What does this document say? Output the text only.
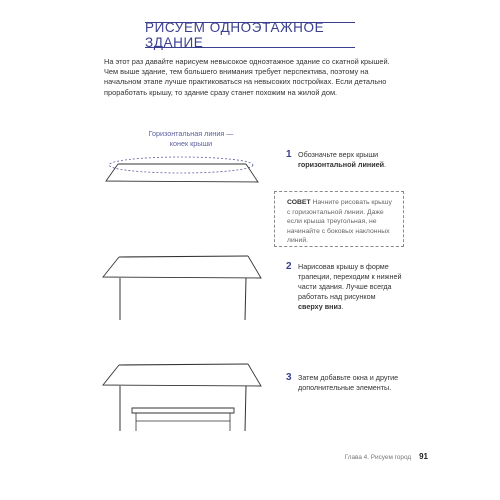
РИСУЕМ ОДНОЭТАЖНОЕ ЗДАНИЕ

На этот раз давайте нарисуем невысокое одноэтажное здание со скатной крышей. Чем выше здание, тем большего внимания требует перспектива, поэтому на начальном этапе лучше практиковаться на невысоких постройках. Если детально проработать крышу, то здание сразу станет похожим на жилой дом.

Горизонтальная линия —
конек крыши
1 Обозначьте верх крыши горизонтальной линией.
СОВЕТ Начните рисовать крышу с горизонтальной линии. Даже если крыша треугольная, не начинайте с боковых наклонных линий.
2 Нарисовав крышу в форме трапеции, переходим к нижней части здания. Лучше всегда работать над рисунком сверху вниз.
3 Затем добавьте окна и другие дополнительные элементы.
Глава 4. Рисуем город 91
